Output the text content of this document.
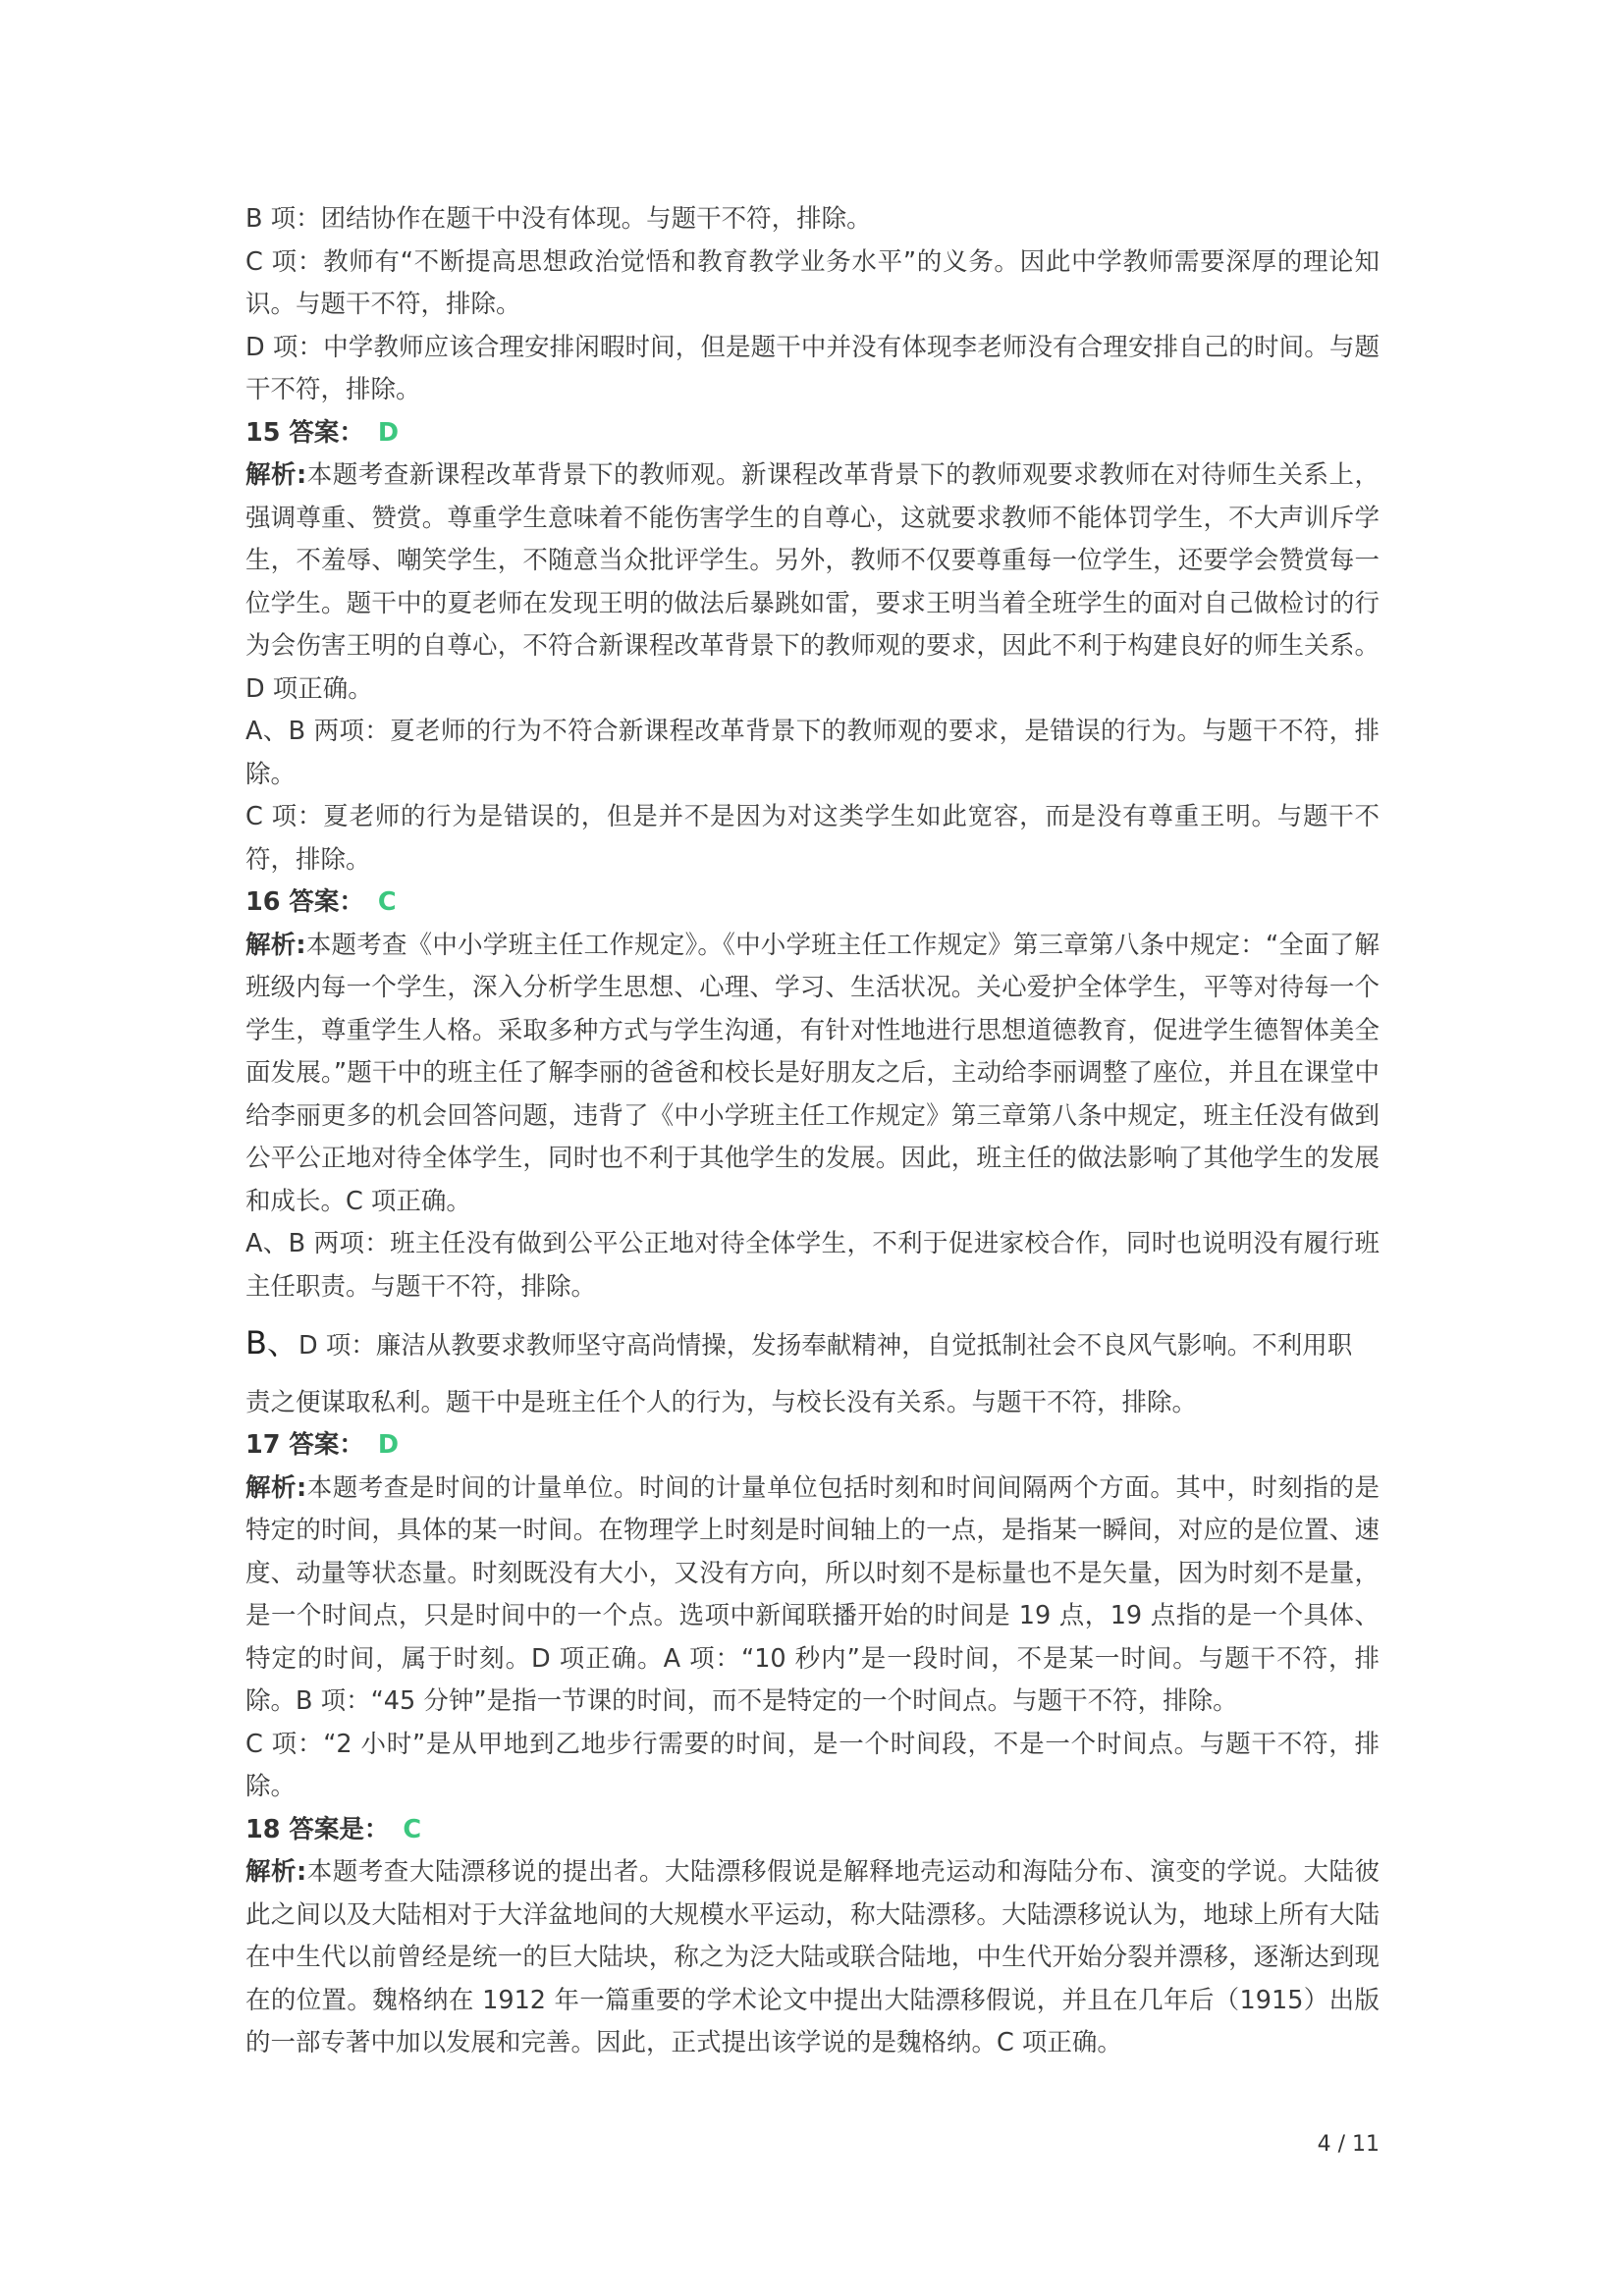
B 项：团结协作在题干中没有体现。与题干不符，排除。

C 项：教师有“不断提高思想政治觉悟和教育教学业务水平”的义务。因此中学教师需要深厚的理论知识。与题干不符，排除。

D 项：中学教师应该合理安排闲暇时间，但是题干中并没有体现李老师没有合理安排自己的时间。与题干不符，排除。

15 答案： D

解析:本题考查新课程改革背景下的教师观。新课程改革背景下的教师观要求教师在对待师生关系上，强调尊重、赞赏。尊重学生意味着不能伤害学生的自尊心，这就要求教师不能体罚学生，不大声训斥学生，不羞辱、嘲笑学生，不随意当众批评学生。另外，教师不仅要尊重每一位学生，还要学会赞赏每一位学生。题干中的夏老师在发现王明的做法后暴跳如雷，要求王明当着全班学生的面对自己做检讨的行为会伤害王明的自尊心，不符合新课程改革背景下的教师观的要求，因此不利于构建良好的师生关系。D 项正确。

A、B 两项：夏老师的行为不符合新课程改革背景下的教师观的要求，是错误的行为。与题干不符，排除。

C 项：夏老师的行为是错误的，但是并不是因为对这类学生如此宽容，而是没有尊重王明。与题干不符，排除。

16 答案： C

解析:本题考查《中小学班主任工作规定》。《中小学班主任工作规定》第三章第八条中规定：“全面了解班级内每一个学生，深入分析学生思想、心理、学习、生活状况。关心爱护全体学生，平等对待每一个学生，尊重学生人格。采取多种方式与学生沟通，有针对性地进行思想道德教育，促进学生德智体美全面发展。”题干中的班主任了解李丽的爸爸和校长是好朋友之后，主动给李丽调整了座位，并且在课堂中给李丽更多的机会回答问题，违背了《中小学班主任工作规定》第三章第八条中规定，班主任没有做到公平公正地对待全体学生，同时也不利于其他学生的发展。因此，班主任的做法影响了其他学生的发展和成长。C 项正确。

A、B 两项：班主任没有做到公平公正地对待全体学生，不利于促进家校合作，同时也说明没有履行班主任职责。与题干不符，排除。

B、D 项：廉洁从教要求教师坚守高尚情操，发扬奉献精神，自觉抵制社会不良风气影响。不利用职

责之便谋取私利。题干中是班主任个人的行为，与校长没有关系。与题干不符，排除。

17 答案： D

解析:本题考查是时间的计量单位。时间的计量单位包括时刻和时间间隔两个方面。其中，时刻指的是特定的时间，具体的某一时间。在物理学上时刻是时间轴上的一点，是指某一瞬间，对应的是位置、速度、动量等状态量。时刻既没有大小，又没有方向，所以时刻不是标量也不是矢量，因为时刻不是量，是一个时间点，只是时间中的一个点。选项中新闻联播开始的时间是 19 点，19 点指的是一个具体、特定的时间，属于时刻。D 项正确。A 项：“10 秒内”是一段时间，不是某一时间。与题干不符，排除。B 项：“45 分钟”是指一节课的时间，而不是特定的一个时间点。与题干不符，排除。

C 项：“2 小时”是从甲地到乙地步行需要的时间，是一个时间段，不是一个时间点。与题干不符，排除。

18 答案是： C

解析:本题考查大陆漂移说的提出者。大陆漂移假说是解释地壳运动和海陆分布、演变的学说。大陆彼此之间以及大陆相对于大洋盆地间的大规模水平运动，称大陆漂移。大陆漂移说认为，地球上所有大陆在中生代以前曾经是统一的巨大陆块，称之为泛大陆或联合陆地，中生代开始分裂并漂移，逐渐达到现在的位置。魏格纳在 1912 年一篇重要的学术论文中提出大陆漂移假说，并且在几年后（1915）出版的一部专著中加以发展和完善。因此，正式提出该学说的是魏格纳。C 项正确。

4 / 11
